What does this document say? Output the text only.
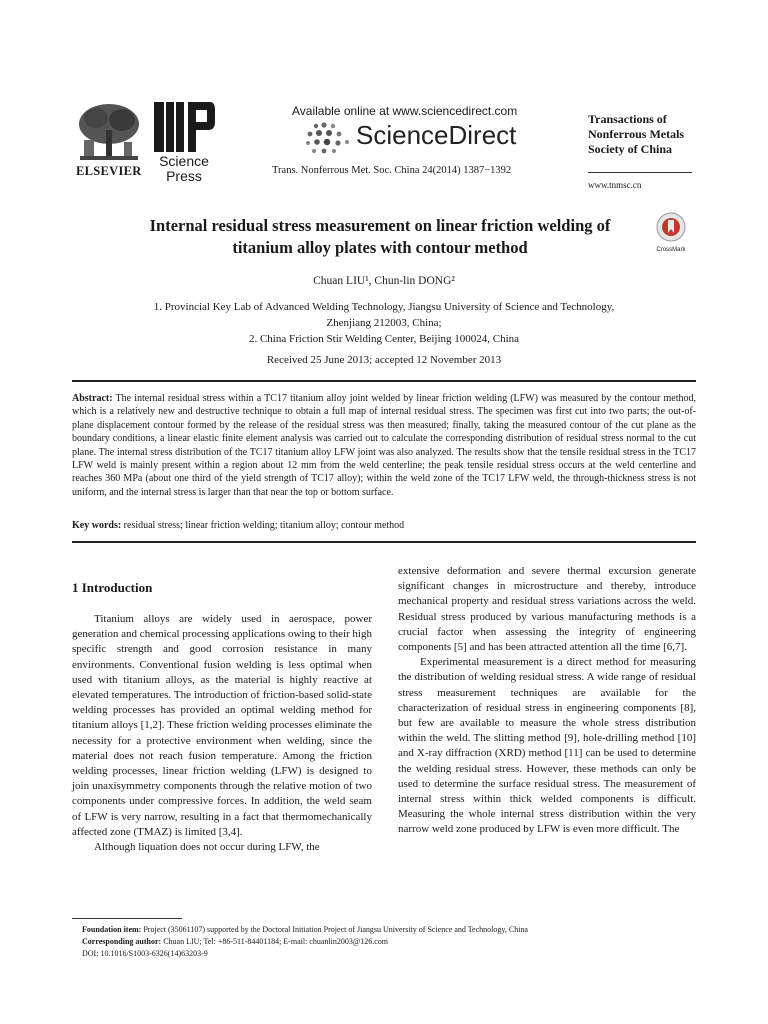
ELSEVIER
Science
Press
Available online at www.sciencedirect.com
ScienceDirect
Trans. Nonferrous Met. Soc. China 24(2014) 1387−1392
Transactions of
Nonferrous Metals
Society of China
www.tnmsc.cn
Internal residual stress measurement on linear friction welding of
titanium alloy plates with contour method	CrossMark
Chuan LIU¹, Chun-lin DONG²
1. Provincial Key Lab of Advanced Welding Technology, Jiangsu University of Science and Technology,
Zhenjiang 212003, China;
2. China Friction Stir Welding Center, Beijing 100024, China
Received 25 June 2013; accepted 12 November 2013
Abstract: The internal residual stress within a TC17 titanium alloy joint welded by linear friction welding (LFW) was measured by the contour method, which is a relatively new and destructive technique to obtain a full map of internal residual stress. The specimen was first cut into two parts; the out-of-plane displacement contour formed by the release of the residual stress was then measured; finally, taking the measured contour of the cut plane as the boundary conditions, a linear elastic finite element analysis was carried out to calculate the corresponding distribution of residual stress normal to the cut plane. The internal stress distribution of the TC17 titanium alloy LFW joint was also analyzed. The results show that the tensile residual stress in the TC17 LFW weld is mainly present within a region about 12 mm from the weld centerline; the peak tensile residual stress occurs at the weld centerline and reaches 360 MPa (about one third of the yield strength of TC17 alloy); within the weld zone of the TC17 LFW weld, the through-thickness stress is not uniform, and the internal stress is larger than that near the top or bottom surface.
Key words: residual stress; linear friction welding; titanium alloy; contour method
1 Introduction

Titanium alloys are widely used in aerospace, power generation and chemical processing applications owing to their high specific strength and good corrosion resistance in many environments. Conventional fusion welding is less optimal when used with titanium alloys, as the material is highly reactive at elevated temperatures. The introduction of friction-based solid-state welding processes has provided an optimal welding method for titanium alloys [1,2]. These friction welding processes eliminate the necessity for a protective environment when welding, since the material does not reach fusion temperature. Among the friction welding processes, linear friction welding (LFW) is designed to join unaxisymmetry components through the relative motion of two components under compressive forces. In addition, the weld seam of LFW is very narrow, resulting in a fact that thermomechanically affected zone (TMAZ) is limited [3,4].

Although liquation does not occur during LFW, the

extensive deformation and severe thermal excursion generate significant changes in microstructure and thereby, introduce mechanical property and residual stress variations across the weld. Residual stress produced by various manufacturing methods is a crucial factor when assessing the integrity of engineering components [5] and has been attracted attention all the time [6,7].

Experimental measurement is a direct method for measuring the distribution of welding residual stress. A wide range of residual stress measurement techniques are available for the characterization of residual stress in engineering components [8], but few are available to measure the whole stress distribution within the weld. The slitting method [9], hole-drilling method [10] and X-ray diffraction (XRD) method [11] can be used to determine the welding residual stress. However, these methods can only be used to determine the surface residual stress. The measurement of internal stress within thick welded components is difficult. Measuring the whole internal stress distribution within the very narrow weld zone produced by LFW is even more difficult. The

Foundation item: Project (35061107) supported by the Doctoral Initiation Project of Jiangsu University of Science and Technology, China
Corresponding author: Chuan LIU; Tel: +86-511-84401184; E-mail: chuanlin2003@126.com
DOI: 10.1016/S1003-6326(14)63203-9
